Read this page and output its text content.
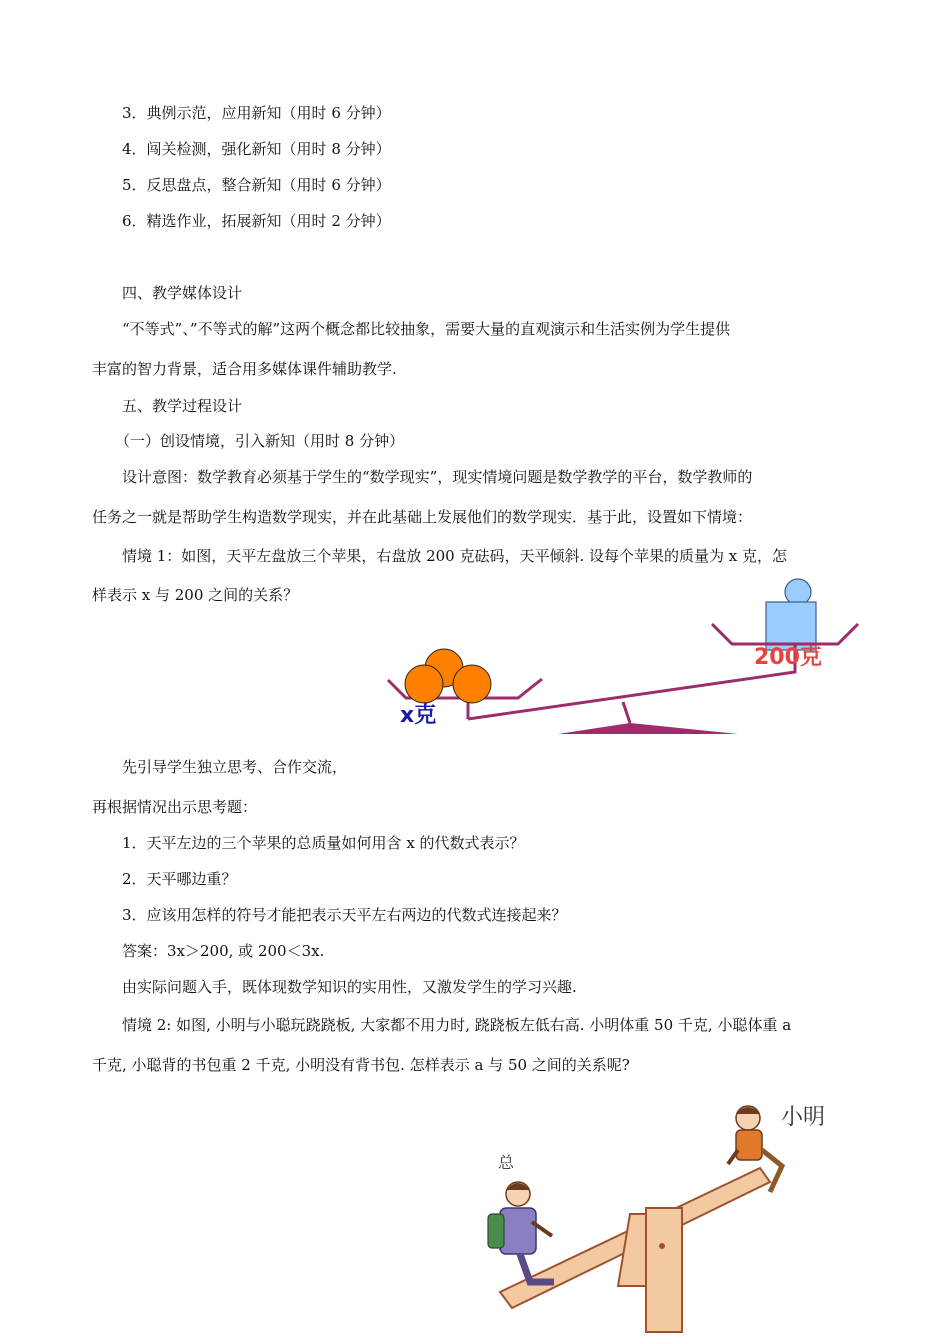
3．典例示范，应用新知（用时 6 分钟）
4．闯关检测，强化新知（用时 8 分钟）
5．反思盘点，整合新知（用时 6 分钟）
6．精选作业，拓展新知（用时 2 分钟）
四、教学媒体设计
“不等式”、”不等式的解”这两个概念都比较抽象，需要大量的直观演示和生活实例为学生提供
丰富的智力背景，适合用多媒体课件辅助教学.
五、教学过程设计
（一）创设情境，引入新知（用时 8 分钟）
设计意图：数学教育必须基于学生的“数学现实”，现实情境问题是数学教学的平台，数学教师的
任务之一就是帮助学生构造数学现实，并在此基础上发展他们的数学现实．基于此，设置如下情境：
情境 1：如图，天平左盘放三个苹果，右盘放 200 克砝码，天平倾斜. 设每个苹果的质量为 x 克，怎
样表示 x 与 200 之间的关系？
x克
200克
先引导学生独立思考、合作交流，
再根据情况出示思考题：
1．天平左边的三个苹果的总质量如何用含 x 的代数式表示？
2．天平哪边重？
3．应该用怎样的符号才能把表示天平左右两边的代数式连接起来？
答案：3x＞200, 或 200＜3x.
由实际问题入手，既体现数学知识的实用性，又激发学生的学习兴趣.
情境 2: 如图, 小明与小聪玩跷跷板, 大家都不用力时, 跷跷板左低右高. 小明体重 50 千克, 小聪体重 a
千克, 小聪背的书包重 2 千克, 小明没有背书包. 怎样表示 a 与 50 之间的关系呢?
小明
总
